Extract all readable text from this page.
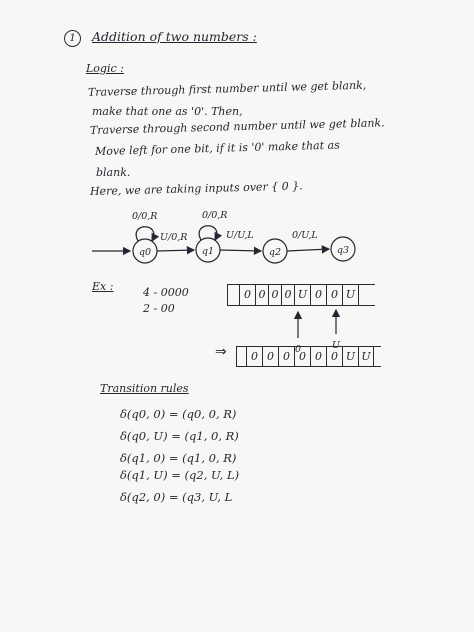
1	Addition of two numbers :
Logic :
Traverse through first number until we get blank,
make that one as '0'. Then,
Traverse through second number until we get blank.
Move left for one bit, if it is '0' make that as
blank.
Here, we are taking inputs over { 0 }.
q0	q1	q2	q3
0/0,R	0/0,R
U/0,R	U/U,L	0/U,L
0	U
Ex :	4 - 0000
2 - 00
0 0 0 0 U 0 0 U
⇒	0 0 0 0 0 0 U U
Transition rules
δ(q0, 0) = (q0, 0, R)
δ(q0, U) = (q1, 0, R)
δ(q1, 0) = (q1, 0, R)
δ(q1, U) = (q2, U, L)
δ(q2, 0) = (q3, U, L
